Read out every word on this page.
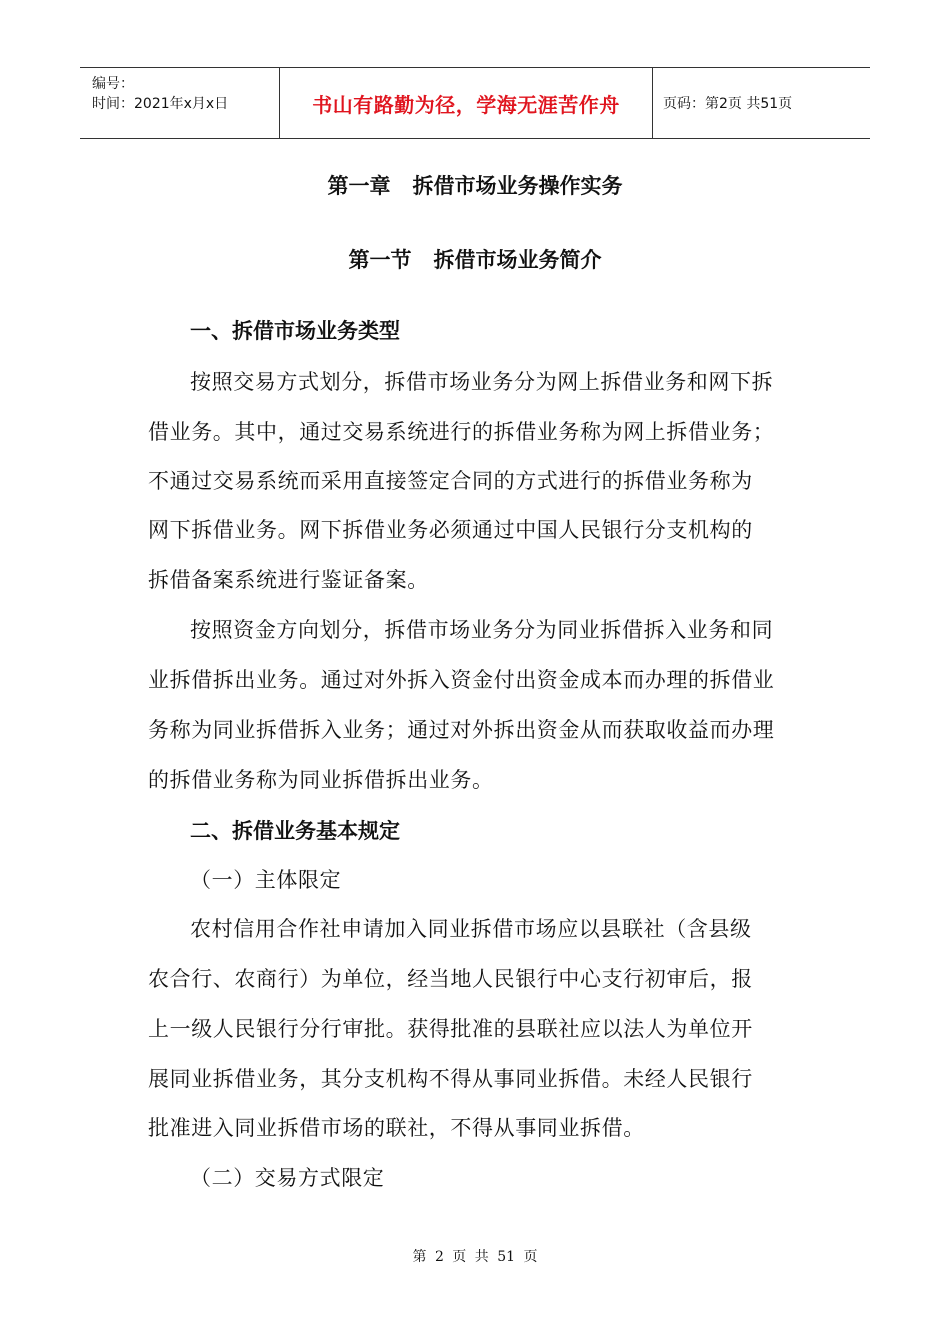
编号：
时间：2021年x月x日	书山有路勤为径，学海无涯苦作舟	页码：第2页 共51页
第一章   拆借市场业务操作实务
第一节   拆借市场业务简介
一、拆借市场业务类型
按照交易方式划分，拆借市场业务分为网上拆借业务和网下拆
借业务。其中，通过交易系统进行的拆借业务称为网上拆借业务；
不通过交易系统而采用直接签定合同的方式进行的拆借业务称为
网下拆借业务。网下拆借业务必须通过中国人民银行分支机构的
拆借备案系统进行鉴证备案。
按照资金方向划分，拆借市场业务分为同业拆借拆入业务和同
业拆借拆出业务。通过对外拆入资金付出资金成本而办理的拆借业
务称为同业拆借拆入业务；通过对外拆出资金从而获取收益而办理
的拆借业务称为同业拆借拆出业务。
二、拆借业务基本规定
（一）主体限定
农村信用合作社申请加入同业拆借市场应以县联社（含县级
农合行、农商行）为单位，经当地人民银行中心支行初审后，报
上一级人民银行分行审批。获得批准的县联社应以法人为单位开
展同业拆借业务，其分支机构不得从事同业拆借。未经人民银行
批准进入同业拆借市场的联社，不得从事同业拆借。
（二）交易方式限定
第 2 页 共 51 页
